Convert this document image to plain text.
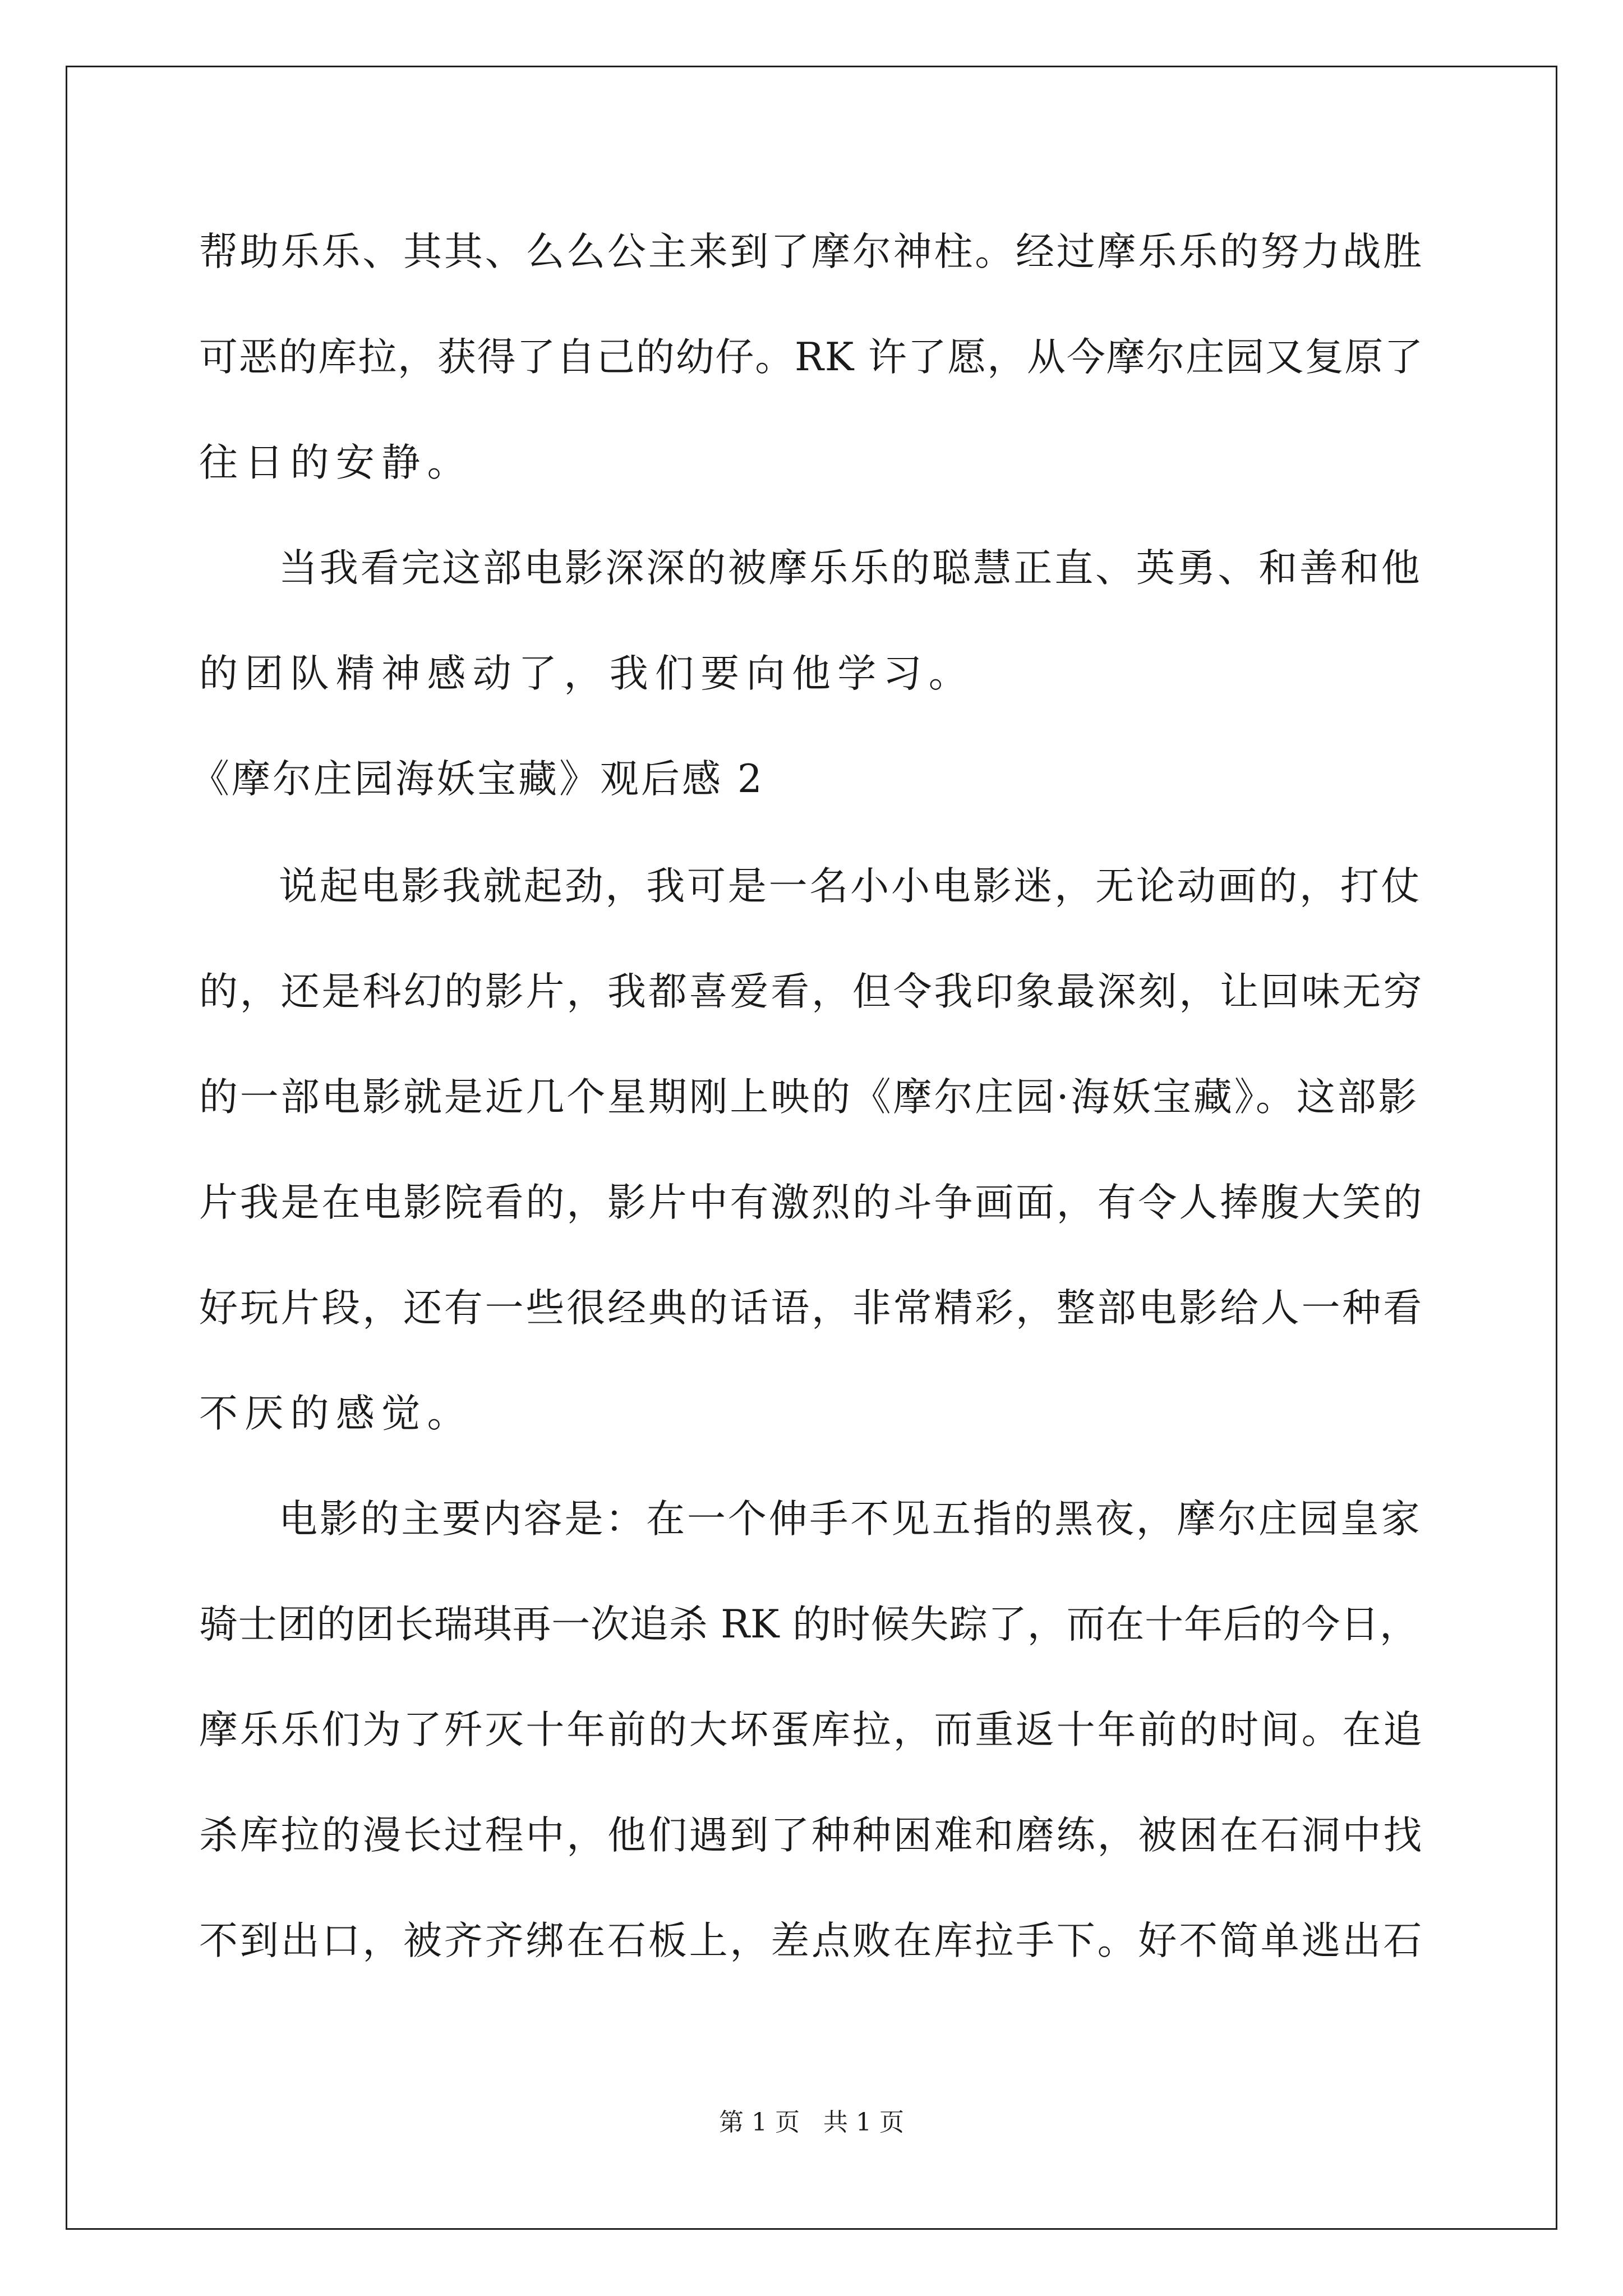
帮助乐乐、其其、么么公主来到了摩尔神柱。经过摩乐乐的努力战胜
可恶的库拉，获得了自己的幼仔。RK 许了愿，从今摩尔庄园又复原了
往日的安静。
当我看完这部电影深深的被摩乐乐的聪慧正直、英勇、和善和他
的团队精神感动了，我们要向他学习。
《摩尔庄园海妖宝藏》观后感 2
说起电影我就起劲，我可是一名小小电影迷，无论动画的，打仗
的，还是科幻的影片，我都喜爱看，但令我印象最深刻，让回味无穷
的一部电影就是近几个星期刚上映的《摩尔庄园·海妖宝藏》。这部影
片我是在电影院看的，影片中有激烈的斗争画面，有令人捧腹大笑的
好玩片段，还有一些很经典的话语，非常精彩，整部电影给人一种看
不厌的感觉。
电影的主要内容是：在一个伸手不见五指的黑夜，摩尔庄园皇家
骑士团的团长瑞琪再一次追杀 RK 的时候失踪了，而在十年后的今日，
摩乐乐们为了歼灭十年前的大坏蛋库拉，而重返十年前的时间。在追
杀库拉的漫长过程中，他们遇到了种种困难和磨练，被困在石洞中找
不到出口，被齐齐绑在石板上，差点败在库拉手下。好不简单逃出石
第 1 页   共 1 页
